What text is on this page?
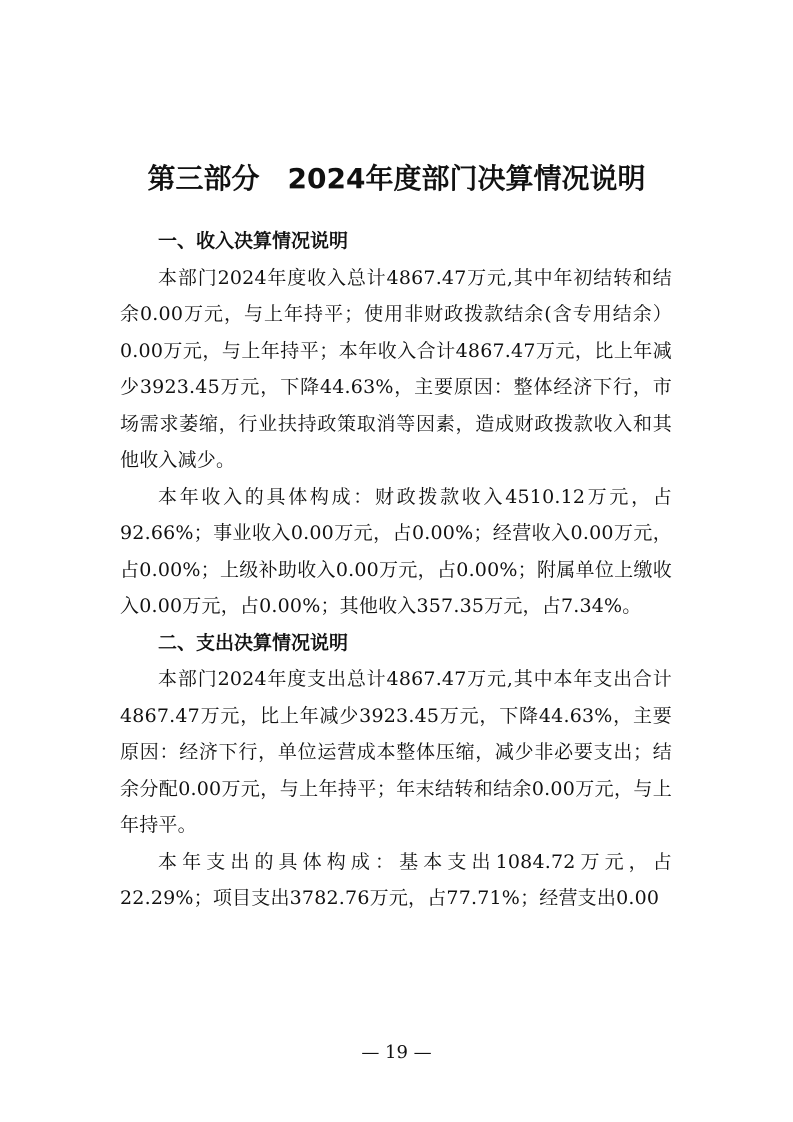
第三部分　2024年度部门决算情况说明

一、收入决算情况说明

本部门2024年度收入总计4867.47万元,其中年初结转和结余0.00万元，与上年持平；使用非财政拨款结余(含专用结余）0.00万元，与上年持平；本年收入合计4867.47万元，比上年减少3923.45万元，下降44.63%，主要原因：整体经济下行，市场需求萎缩，行业扶持政策取消等因素，造成财政拨款收入和其他收入减少。

本年收入的具体构成：财政拨款收入4510.12万元，占92.66%；事业收入0.00万元，占0.00%；经营收入0.00万元，占0.00%；上级补助收入0.00万元，占0.00%；附属单位上缴收入0.00万元，占0.00%；其他收入357.35万元，占7.34%。

二、支出决算情况说明

本部门2024年度支出总计4867.47万元,其中本年支出合计4867.47万元，比上年减少3923.45万元，下降44.63%，主要原因：经济下行，单位运营成本整体压缩，减少非必要支出；结余分配0.00万元，与上年持平；年末结转和结余0.00万元，与上年持平。

本年支出的具体构成：基本支出1084.72万元，占22.29%；项目支出3782.76万元，占77.71%；经营支出0.00

— 19 —
